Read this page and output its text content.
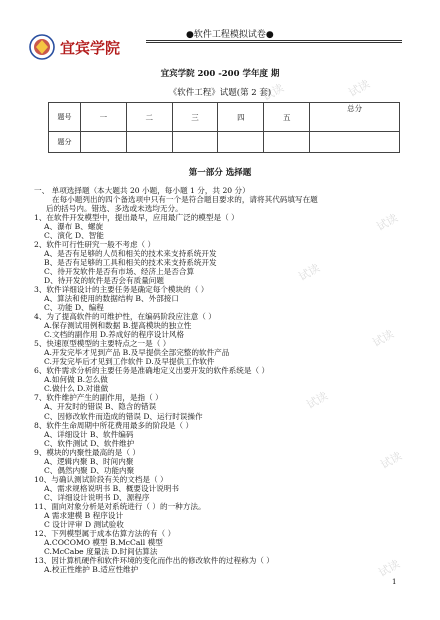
试读	试读
试读
试读
试读
试读
试读
试读
宜宾学院
●软件工程模拟试卷●
宜宾学院 200 -200 学年度 期
《软件工程》试题(第 2 套)
题号	一	二	三	四	五	总分
题分						
第一部分 选择题
一、 单项选择题（本大题共 20 小题，每小题 1 分，共 20 分）
在每小题列出的四个备选项中只有一个是符合题目要求的，请将其代码填写在题
后的括号内。错选、多选或未选均无分。
1、在软件开发模型中，提出最早，应用最广泛的模型是（ ）
A、瀑布 B、螺旋
C、演化 D、智能
2、软件可行性研究一般不考虑（ ）
A、是否有足够的人员和相关的技术来支持系统开发
B、是否有足够的工具和相关的技术来支持系统开发
C、待开发软件是否有市场、经济上是否合算
D、待开发的软件是否会有质量问题
3、软件详细设计的主要任务是确定每个模块的（ ）
A、算法和使用的数据结构 B、外部接口
C、功能 D、编程
4、为了提高软件的可维护性，在编码阶段应注意（ ）
A.保存测试用例和数据 B.提高模块的独立性
C.文档的副作用 D.养成好的程序设计风格
5、快速原型模型的主要特点之一是（ ）
A.开发完毕才见到产品 B.及早提供全部完整的软件产品
C.开发完毕后才见到工作软件 D.及早提供工作软件
6、软件需求分析的主要任务是准确地定义出要开发的软件系统是（ ）
A.如何做 B.怎么做
C.做什么 D.对谁做
7、软件维护产生的副作用，是指（ ）
A、开发时的错误 B、隐含的错误
C、因修改软件而造成的错误 D、运行时误操作
8、软件生命周期中所花费用最多的阶段是（ ）
A、详细设计 B、软件编码
C、软件测试 D、软件维护
9、模块的内聚性最高的是（ ）
A、逻辑内聚 B、时间内聚
C、偶然内聚 D、功能内聚
10、与确认测试阶段有关的文档是（ ）
A、需求规格说明书 B、概要设计说明书
C、详细设计说明书 D、源程序
11、面向对象分析是对系统进行（ ）的一种方法。
A 需求建模 B 程序设计
C 设计评审 D 测试验收
12、下列模型属于成本估算方法的有（ ）
A.COCOMO 模型 B.McCall 模型
C.McCabe 度量法 D.时间估算法
13、因计算机硬件和软件环境的变化而作出的修改软件的过程称为（ ）
A.校正性维护 B.适应性维护
1
